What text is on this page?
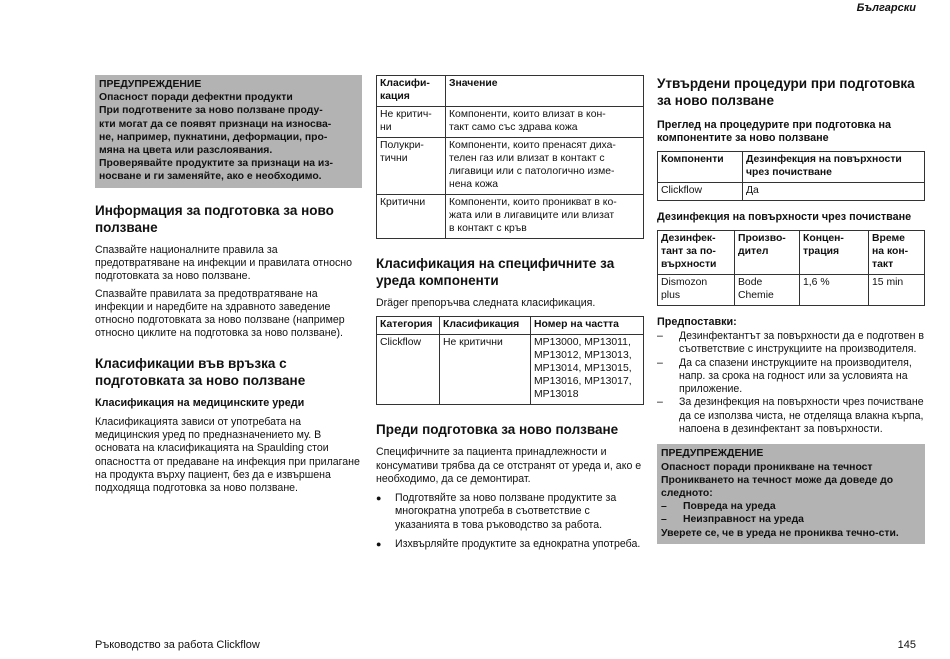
Български
ПРЕДУПРЕЖДЕНИЕ
Опасност поради дефектни продукти
При подготвените за ново ползване проду-
кти могат да се появят признаци на износва-
не, например, пукнатини, деформации, про-
мяна на цвета или разслоявания.
Проверявайте продуктите за признаци на из-
носване и ги заменяйте, ако е необходимо.
Информация за подготовка за ново ползване

Спазвайте националните правила за предотвратяване на инфекции и правилата относно подготовката за ново ползване.

Спазвайте правилата за предотвратяване на инфекции и наредбите на здравното заведение относно подготовката за ново ползване (например относно циклите на подготовка за ново ползване).

Класификации във връзка с подготовката за ново ползване
Класификация на медицинските уреди

Класификацията зависи от употребата на медицинския уред по предназначението му. В основата на класификацията на Spaulding стои опасността от предаване на инфекция при прилагане на продукта върху пациент, без да е извършена подходяща подготовка за ново ползване.

Класифи-
кация	Значение
Не критич-
ни	Компоненти, които влизат в кон-
такт само със здрава кожа
Полукри-
тични	Компоненти, които пренасят диха-
телен газ или влизат в контакт с
лигавици или с патологично изме-
нена кожа
Критични	Компоненти, които проникват в ко-
жата или в лигавиците или влизат
в контакт с кръв
Класификация на специфичните за уреда компоненти

Dräger препоръчва следната класификация.

Категория	Класификация	Номер на частта
Clickflow	Не критични	MP13000, MP13011,
MP13012, MP13013,
MP13014, MP13015,
MP13016, MP13017,
MP13018
Преди подготовка за ново ползване

Специфичните за пациента принадлежности и консумативи трябва да се отстранят от уреда и, ако е необходимо, да се демонтират.

● Подготвяйте за ново ползване продуктите за многократна употреба в съответствие с указанията в това ръководство за работа.
● Изхвърляйте продуктите за еднократна употреба.
Утвърдени процедури при подготовка за ново ползване
Преглед на процедурите при подготовка на компонентите за ново ползване
Компоненти	Дезинфекция на повърхности чрез почистване
Clickflow	Да
Дезинфекция на повърхности чрез почистване
Дезинфек-
тант за по-
върхности	Произво-
дител	Концен-
трация	Време
на кон-
такт
Dismozon
plus	Bode
Chemie	1,6 %	15 min
Предпоставки:
– Дезинфектантът за повърхности да е подготвен в съответствие с инструкциите на производителя.
– Да са спазени инструкциите на производителя, напр. за срока на годност или за условията на приложение.
– За дезинфекция на повърхности чрез почистване да се използва чиста, не отделяща влакна кърпа, напоена в дезинфектант за повърхности.
ПРЕДУПРЕЖДЕНИЕ
Опасност поради проникване на течност
Проникването на течност може да доведе до следното:
– Повреда на уреда
– Неизправност на уреда
Уверете се, че в уреда не прониква течно-сти.
Ръководство за работа Clickflow	145
